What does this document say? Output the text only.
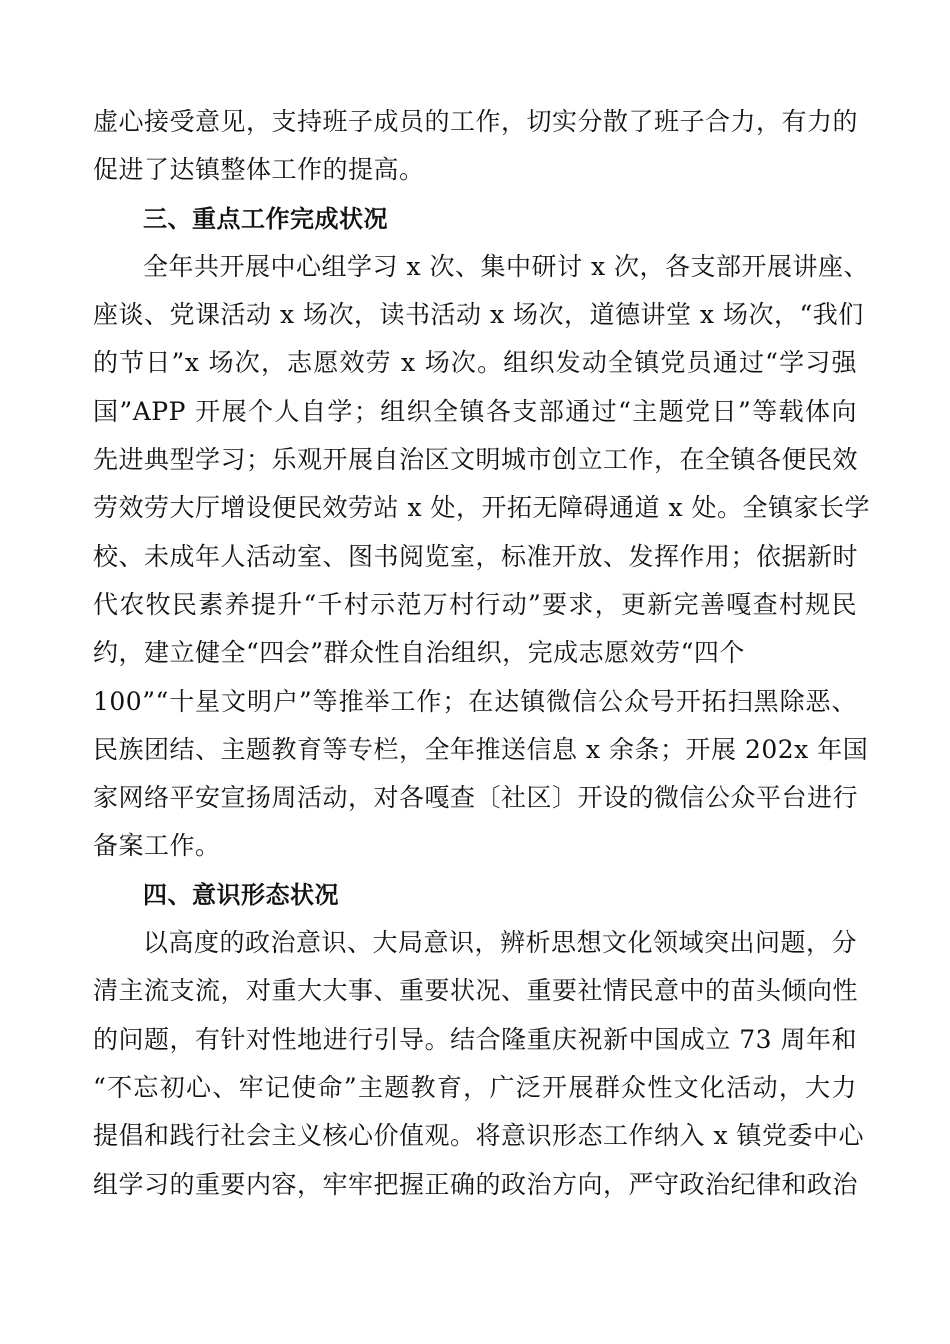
虚心接受意见，支持班子成员的工作，切实分散了班子合力，有力的
促进了达镇整体工作的提高。
三、重点工作完成状况
全年共开展中心组学习 x 次、集中研讨 x 次，各支部开展讲座、
座谈、党课活动 x 场次，读书活动 x 场次，道德讲堂 x 场次，“我们
的节日”x 场次，志愿效劳 x 场次。组织发动全镇党员通过“学习强
国”APP 开展个人自学；组织全镇各支部通过“主题党日”等载体向
先进典型学习；乐观开展自治区文明城市创立工作，在全镇各便民效
劳效劳大厅增设便民效劳站 x 处，开拓无障碍通道 x 处。全镇家长学
校、未成年人活动室、图书阅览室，标准开放、发挥作用；依据新时
代农牧民素养提升“千村示范万村行动”要求，更新完善嘎查村规民
约，建立健全“四会”群众性自治组织，完成志愿效劳“四个
100”“十星文明户”等推举工作；在达镇微信公众号开拓扫黑除恶、
民族团结、主题教育等专栏，全年推送信息 x 余条；开展 202x 年国
家网络平安宣扬周活动，对各嘎查〔社区〕开设的微信公众平台进行
备案工作。
四、意识形态状况
以高度的政治意识、大局意识，辨析思想文化领域突出问题，分
清主流支流，对重大大事、重要状况、重要社情民意中的苗头倾向性
的问题，有针对性地进行引导。结合隆重庆祝新中国成立 73 周年和
“不忘初心、牢记使命”主题教育，广泛开展群众性文化活动，大力
提倡和践行社会主义核心价值观。将意识形态工作纳入 x 镇党委中心
组学习的重要内容，牢牢把握正确的政治方向，严守政治纪律和政治
